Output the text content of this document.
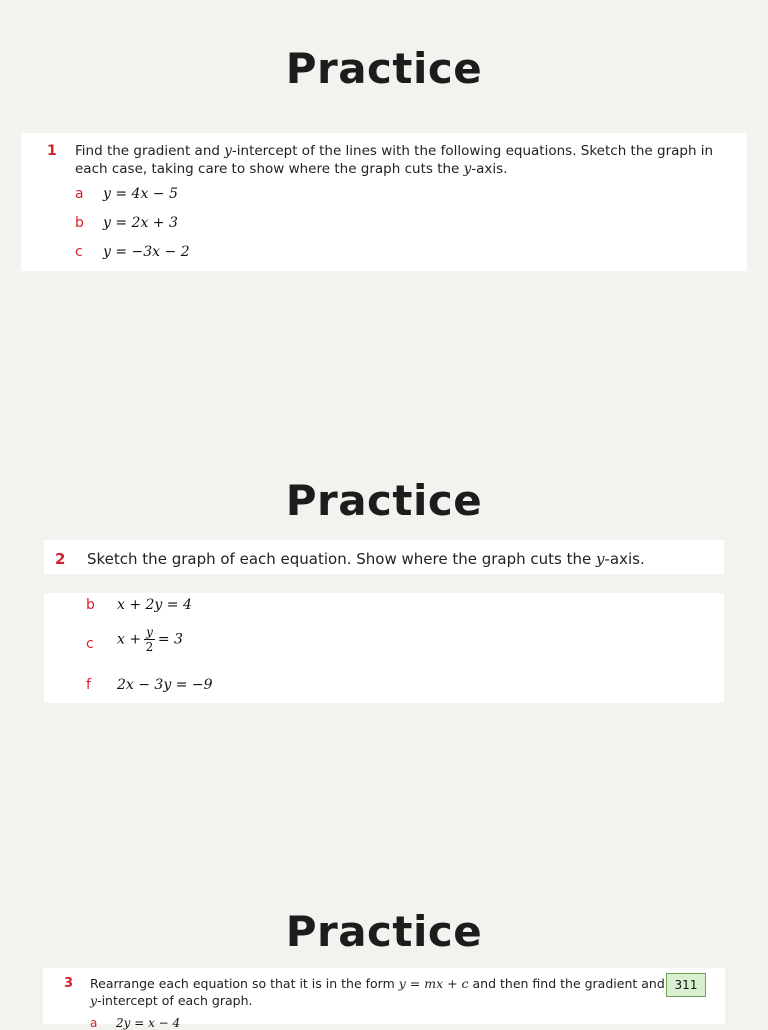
Practice
1 Find the gradient and y-intercept of the lines with the following equations. Sketch the graph in each case, taking care to show where the graph cuts the y-axis.
a y = 4x − 5
b y = 2x + 3
c y = −3x − 2
Practice
2 Sketch the graph of each equation. Show where the graph cuts the y-axis.
b x + 2y = 4
c $x + \frac{y}{2} = 3$
f 2x − 3y = −9
Practice
3 Rearrange each equation so that it is in the form y = mx + c and then find the gradient and
y-intercept of each graph.
a 2y = x − 4
311
